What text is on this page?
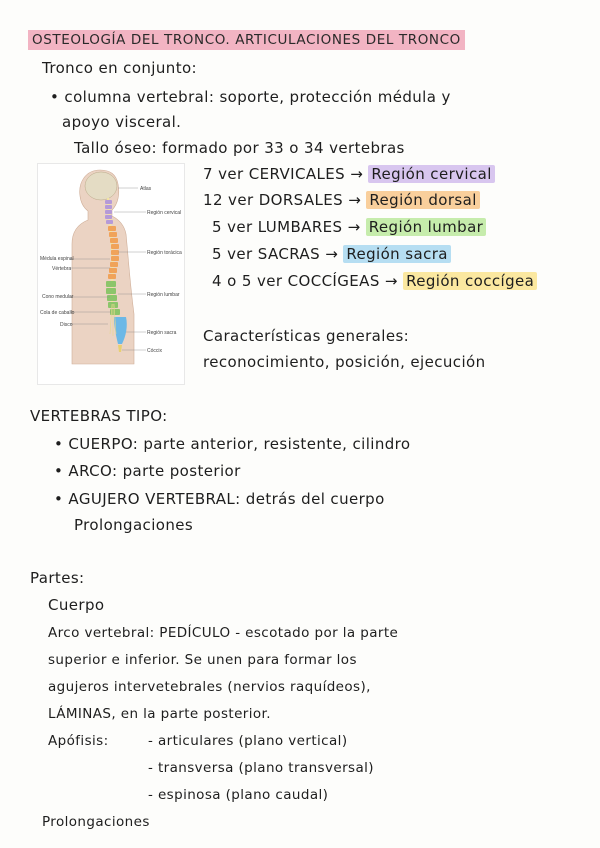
OSTEOLOGÍA DEL TRONCO. ARTICULACIONES DEL TRONCO
Tronco en conjunto:
• columna vertebral: soporte, protección médula y
apoyo visceral.
Tallo óseo: formado por 33 o 34 vertebras
Atlas
Región cervical
Región torácica
Región lumbar
Región sacra
Cóccix
Médula espinal
Vértebra
Cono medular
Cola de caballo
Disco
7 ver CERVICALES → Región cervical
12 ver DORSALES → Región dorsal
5 ver LUMBARES → Región lumbar
5 ver SACRAS → Región sacra
4 o 5 ver COCCÍGEAS → Región coccígea
Características generales:
reconocimiento, posición, ejecución
VERTEBRAS TIPO:
• CUERPO: parte anterior, resistente, cilindro
• ARCO: parte posterior
• AGUJERO VERTEBRAL: detrás del cuerpo
Prolongaciones
Partes:
Cuerpo
Arco vertebral: PEDÍCULO - escotado por la parte
superior e inferior. Se unen para formar los
agujeros intervetebrales (nervios raquídeos),
LÁMINAS, en la parte posterior.
Apófisis:	- articulares (plano vertical)
- transversa (plano transversal)
- espinosa (plano caudal)
Prolongaciones
